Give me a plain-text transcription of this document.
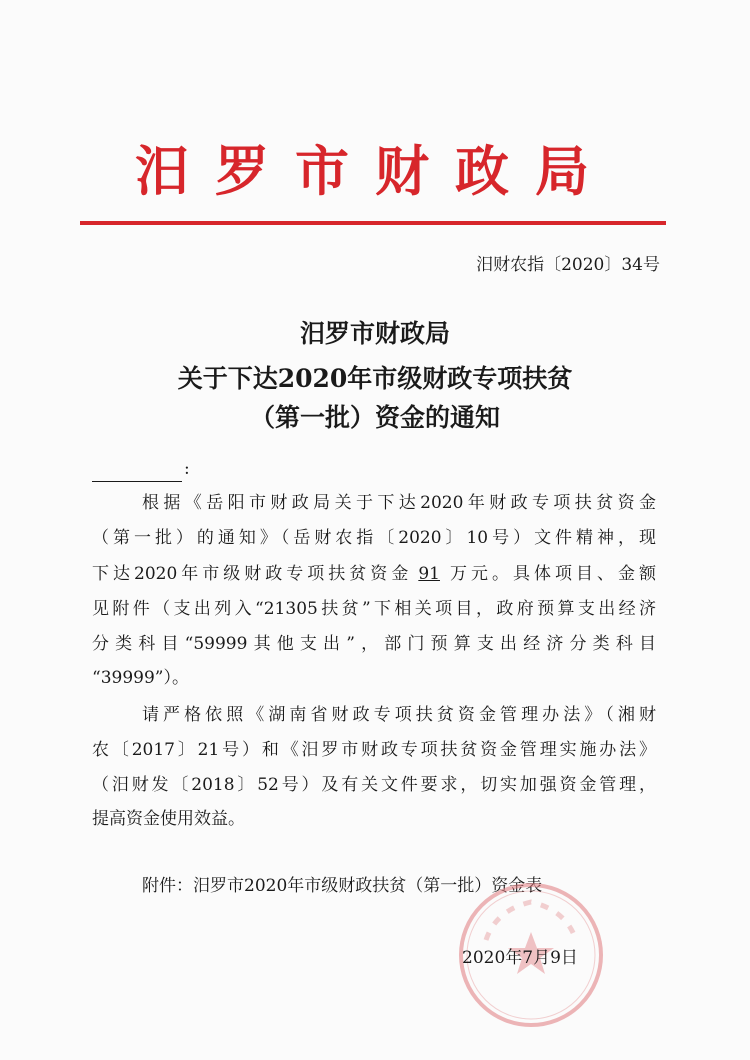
汨罗市财政局
汨财农指〔2020〕34号
汨罗市财政局
关于下达2020年市级财政专项扶贫
（第一批）资金的通知
:
根据《岳阳市财政局关于下达2020年财政专项扶贫资金
（第一批）的通知》（岳财农指〔2020〕10号）文件精神，现
下达2020年市级财政专项扶贫资金 91 万元。具体项目、金额
见附件（支出列入“21305扶贫”下相关项目，政府预算支出经济
分类科目“59999其他支出”，部门预算支出经济分类科目
“39999”）。
请严格依照《湖南省财政专项扶贫资金管理办法》（湘财
农〔2017〕21号）和《汨罗市财政专项扶贫资金管理实施办法》
（汨财发〔2018〕52号）及有关文件要求，切实加强资金管理，
提高资金使用效益。
附件：汨罗市2020年市级财政扶贫（第一批）资金表
2020年7月9日
